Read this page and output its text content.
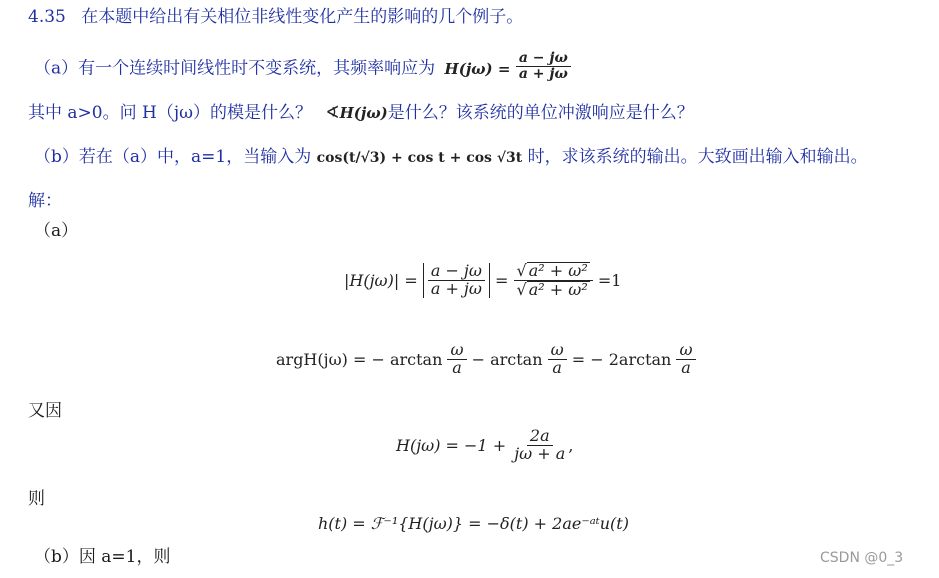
4.35 在本题中给出有关相位非线性变化产生的影响的几个例子。
（a）有一个连续时间线性时不变系统，其频率响应为 $H(j\omega) = \frac{a - j\omega}{a + j\omega}$
其中 a>0。问 H（jω）的模是什么？ ∢H(jω)是什么？该系统的单位冲激响应是什么？
（b）若在（a）中，a=1，当输入为 cos(t/√3) + cos t + cos √3t 时，求该系统的输出。大致画出输入和输出。
解：
（a）
$|H(j\omega)| = \frac{a - j\omega}{a + j\omega} = \frac{\text{√ a² + ω²}}{\text{√ a² + ω²}} =1$
argH(jω) = − $\arctan \frac{\omega}{a} - \arctan \frac{\omega}{a}$ = − $2\arctan \frac{\omega}{a}$
又因
$H(j\omega) = -1 + \frac{2a}{j\omega + a}$ ,
则
h(t) = ℱ⁻¹{H(jω)} = −δ(t) + 2ae⁻ᵃᵗu(t)
（b）因 a=1，则	CSDN @0_3
